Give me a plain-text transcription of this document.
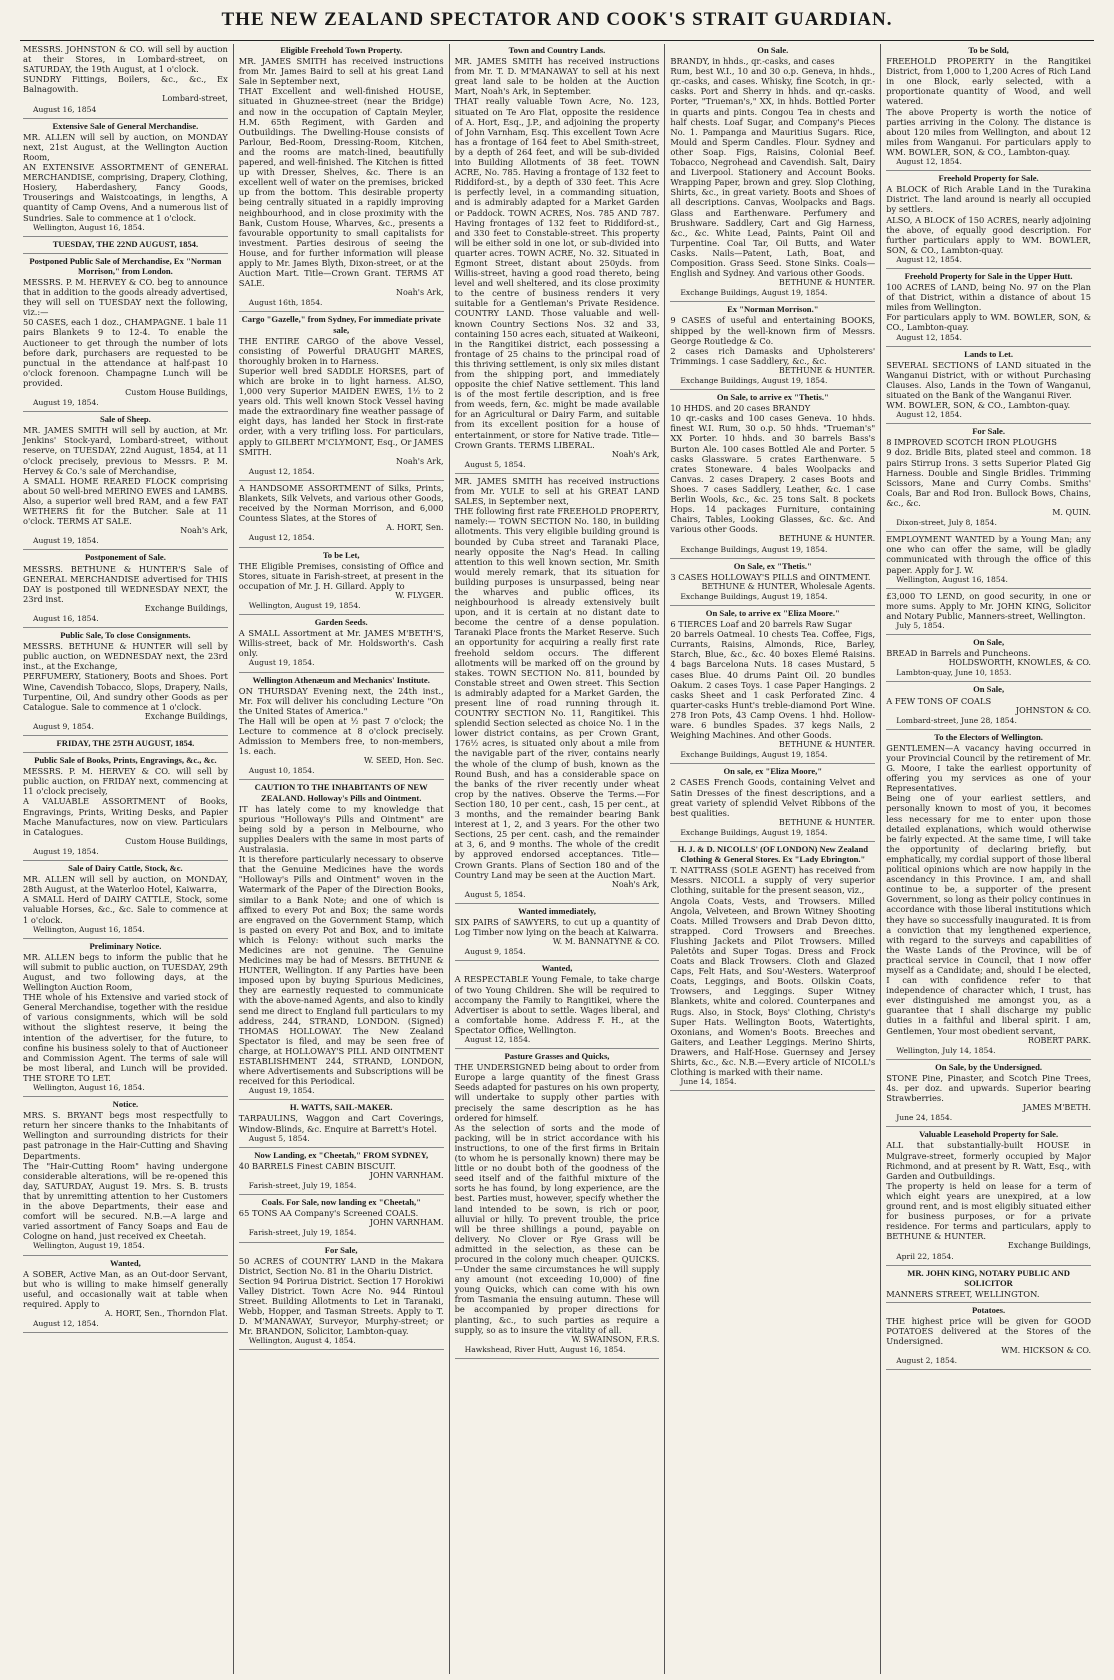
THE NEW ZEALAND SPECTATOR AND COOK'S STRAIT GUARDIAN.
MESSRS. JOHNSTON & CO. will sell by auction at their Stores, in Lombard-street, on SATURDAY, the 19th August, at 1 o'clock.
SUNDRY Fittings, Boilers, &c., &c., Ex Balnagowith.
Lombard-street,
August 16, 1854
Extensive Sale of General Merchandise.
MR. ALLEN will sell by auction, on MONDAY next, 21st August, at the Wellington Auction Room,
AN EXTENSIVE ASSORTMENT of GENERAL MERCHANDISE, comprising, Drapery, Clothing, Hosiery, Haberdashery, Fancy Goods, Trouserings and Waistcoatings, in lengths, A quantity of Camp Ovens, And a numerous list of Sundries. Sale to commence at 1 o'clock.
Wellington, August 16, 1854.
TUESDAY, THE 22ND AUGUST, 1854.
Postponed Public Sale of Merchandise, Ex "Norman Morrison," from London.
MESSRS. P. M. HERVEY & CO. beg to announce that in addition to the goods already advertised, they will sell on TUESDAY next the following, viz.:—
50 CASES, each 1 doz., CHAMPAGNE. 1 bale 11 pairs Blankets 9 to 12-4. To enable the Auctioneer to get through the number of lots before dark, purchasers are requested to be punctual in the attendance at half-past 10 o'clock forenoon. Champagne Lunch will be provided.
Custom House Buildings,
August 19, 1854.
Sale of Sheep.
MR. JAMES SMITH will sell by auction, at Mr. Jenkins' Stock-yard, Lombard-street, without reserve, on TUESDAY, 22nd August, 1854, at 11 o'clock precisely, previous to Messrs. P. M. Hervey & Co.'s sale of Merchandise,
A SMALL HOME REARED FLOCK comprising about 50 well-bred MERINO EWES and LAMBS. Also, a superior well bred RAM, and a few FAT WETHERS fit for the Butcher. Sale at 11 o'clock. TERMS AT SALE.
Noah's Ark,
August 19, 1854.
Postponement of Sale.
MESSRS. BETHUNE & HUNTER'S Sale of GENERAL MERCHANDISE advertised for THIS DAY is postponed till WEDNESDAY NEXT, the 23rd inst.
Exchange Buildings,
August 16, 1854.
Public Sale, To close Consignments.
MESSRS. BETHUNE & HUNTER will sell by public auction, on WEDNESDAY next, the 23rd inst., at the Exchange,
PERFUMERY, Stationery, Boots and Shoes. Port Wine, Cavendish Tobacco, Slops, Drapery, Nails, Turpentine, Oil, And sundry other Goods as per Catalogue. Sale to commence at 1 o'clock.
Exchange Buildings,
August 9, 1854.
FRIDAY, THE 25TH AUGUST, 1854.
Public Sale of Books, Prints, Engravings, &c., &c.
MESSRS. P. M. HERVEY & CO. will sell by public auction, on FRIDAY next, commencing at 11 o'clock precisely,
A VALUABLE ASSORTMENT of Books, Engravings, Prints, Writing Desks, and Papier Mache Manufactures, now on view. Particulars in Catalogues.
Custom House Buildings,
August 19, 1854.
Sale of Dairy Cattle, Stock, &c.
MR. ALLEN will sell by auction, on MONDAY, 28th August, at the Waterloo Hotel, Kaiwarra,
A SMALL Herd of DAIRY CATTLE, Stock, some valuable Horses, &c., &c. Sale to commence at 1 o'clock.
Wellington, August 16, 1854.
Preliminary Notice.
MR. ALLEN begs to inform the public that he will submit to public auction, on TUESDAY, 29th August, and two following days, at the Wellington Auction Room,
THE whole of his Extensive and varied stock of General Merchandise, together with the residue of various consignments, which will be sold without the slightest reserve, it being the intention of the advertiser, for the future, to confine his business solely to that of Auctioneer and Commission Agent. The terms of sale will be most liberal, and Lunch will be provided. THE STORE TO LET.
Wellington, August 16, 1854.
Notice.
MRS. S. BRYANT begs most respectfully to return her sincere thanks to the Inhabitants of Wellington and surrounding districts for their past patronage in the Hair-Cutting and Shaving Departments.
The "Hair-Cutting Room" having undergone considerable alterations, will be re-opened this day, SATURDAY, August 19. Mrs. S. B. trusts that by unremitting attention to her Customers in the above Departments, their ease and comfort will be secured. N.B.—A large and varied assortment of Fancy Soaps and Eau de Cologne on hand, just received ex Cheetah.
Wellington, August 19, 1854.
Wanted,
A SOBER, Active Man, as an Out-door Servant, but who is willing to make himself generally useful, and occasionally wait at table when required. Apply to
A. HORT, Sen., Thorndon Flat.
August 12, 1854.
Eligible Freehold Town Property.
MR. JAMES SMITH has received instructions from Mr. James Baird to sell at his great Land Sale in September next,
THAT Excellent and well-finished HOUSE, situated in Ghuznee-street (near the Bridge) and now in the occupation of Captain Meyler, H.M. 65th Regiment, with Garden and Outbuildings. The Dwelling-House consists of Parlour, Bed-Room, Dressing-Room, Kitchen, and the rooms are match-lined, beautifully papered, and well-finished. The Kitchen is fitted up with Dresser, Shelves, &c. There is an excellent well of water on the premises, bricked up from the bottom. This desirable property being centrally situated in a rapidly improving neighbourhood, and in close proximity with the Bank, Custom House, Wharves, &c., presents a favourable opportunity to small capitalists for investment. Parties desirous of seeing the House, and for further information will please apply to Mr. James Blyth, Dixon-street, or at the Auction Mart. Title—Crown Grant. TERMS AT SALE.
Noah's Ark,
August 16th, 1854.
Cargo "Gazelle," from Sydney, For immediate private sale,
THE ENTIRE CARGO of the above Vessel, consisting of Powerful DRAUGHT MARES, thoroughly broken in to Harness.
Superior well bred SADDLE HORSES, part of which are broke in to light harness. ALSO, 1,000 very Superior MAIDEN EWES, 1½ to 2 years old. This well known Stock Vessel having made the extraordinary fine weather passage of eight days, has landed her Stock in first-rate order, with a very trifling loss. For particulars, apply to GILBERT M'CLYMONT, Esq., Or JAMES SMITH.
Noah's Ark,
August 12, 1854.
A HANDSOME ASSORTMENT of Silks, Prints, Blankets, Silk Velvets, and various other Goods, received by the Norman Morrison, and 6,000 Countess Slates, at the Stores of
A. HORT, Sen.
August 12, 1854.
To be Let,
THE Eligible Premises, consisting of Office and Stores, situate in Farish-street, at present in the occupation of Mr. J. H. Gillard. Apply to
W. FLYGER.
Wellington, August 19, 1854.
Garden Seeds.
A SMALL Assortment at Mr. JAMES M'BETH'S, Willis-street, back of Mr. Holdsworth's. Cash only.
August 19, 1854.
Wellington Athenæum and Mechanics' Institute.
ON THURSDAY Evening next, the 24th inst., Mr. Fox will deliver his concluding Lecture "On the United States of America."
The Hall will be open at ½ past 7 o'clock; the Lecture to commence at 8 o'clock precisely. Admission to Members free, to non-members, 1s. each.
W. SEED, Hon. Sec.
August 10, 1854.
CAUTION TO THE INHABITANTS OF NEW ZEALAND. Holloway's Pills and Ointment.
IT has lately come to my knowledge that spurious "Holloway's Pills and Ointment" are being sold by a person in Melbourne, who supplies Dealers with the same in most parts of Australasia.
It is therefore particularly necessary to observe that the Genuine Medicines have the words "Holloway's Pills and Ointment" woven in the Watermark of the Paper of the Direction Books, similar to a Bank Note; and one of which is affixed to every Pot and Box; the same words are engraved on the Government Stamp, which is pasted on every Pot and Box, and to imitate which is Felony: without such marks the Medicines are not genuine. The Genuine Medicines may be had of Messrs. BETHUNE & HUNTER, Wellington. If any Parties have been imposed upon by buying Spurious Medicines, they are earnestly requested to communicate with the above-named Agents, and also to kindly send me direct to England full particulars to my address, 244, STRAND, LONDON. (Signed) THOMAS HOLLOWAY. The New Zealand Spectator is filed, and may be seen free of charge, at HOLLOWAY'S PILL AND OINTMENT ESTABLISHMENT 244, STRAND, LONDON, where Advertisements and Subscriptions will be received for this Periodical.
August 19, 1854.
H. WATTS, SAIL-MAKER.
TARPAULINS, Waggon and Cart Coverings, Window-Blinds, &c. Enquire at Barrett's Hotel.
August 5, 1854.
Now Landing, ex "Cheetah," FROM SYDNEY,
40 BARRELS Finest CABIN BISCUIT.
JOHN VARNHAM.
Farish-street, July 19, 1854.
Coals. For Sale, now landing ex "Cheetah,"
65 TONS AA Company's Screened COALS.
JOHN VARNHAM.
Farish-street, July 19, 1854.
For Sale,
50 ACRES of COUNTRY LAND in the Makara District, Section No. 81 in the Ohariu District.
Section 94 Porirua District. Section 17 Horokiwi Valley District. Town Acre No. 944 Rintoul Street. Building Allotments to Let in Taranaki, Webb, Hopper, and Tasman Streets. Apply to T. D. M'MANAWAY, Surveyor, Murphy-street; or Mr. BRANDON, Solicitor, Lambton-quay.
Wellington, August 4, 1854.
Town and Country Lands.
MR. JAMES SMITH has received instructions from Mr. T. D. M'MANAWAY to sell at his next great land sale to be holden at the Auction Mart, Noah's Ark, in September.
THAT really valuable Town Acre, No. 123, situated on Te Aro Flat, opposite the residence of A. Hort, Esq., J.P., and adjoining the property of John Varnham, Esq. This excellent Town Acre has a frontage of 164 feet to Abel Smith-street, by a depth of 264 feet, and will be sub-divided into Building Allotments of 38 feet. TOWN ACRE, No. 785. Having a frontage of 132 feet to Riddiford-st., by a depth of 330 feet. This Acre is perfectly level, in a commanding situation, and is admirably adapted for a Market Garden or Paddock. TOWN ACRES, Nos. 785 AND 787. Having frontages of 132 feet to Riddiford-st., and 330 feet to Constable-street. This property will be either sold in one lot, or sub-divided into quarter acres. TOWN ACRE, No. 32. Situated in Egmont Street, distant about 250yds. from Willis-street, having a good road thereto, being level and well sheltered, and its close proximity to the centre of business renders it very suitable for a Gentleman's Private Residence. COUNTRY LAND. Those valuable and well-known Country Sections Nos. 32 and 33, containing 150 acres each, situated at Waikeoni, in the Rangitikei district, each possessing a frontage of 25 chains to the principal road of this thriving settlement, is only six miles distant from the shipping port, and immediately opposite the chief Native settlement. This land is of the most fertile description, and is free from weeds, fern, &c. might be made available for an Agricultural or Dairy Farm, and suitable from its excellent position for a house of entertainment, or store for Native trade. Title—Crown Grants. TERMS LIBERAL.
Noah's Ark,
August 5, 1854.
MR. JAMES SMITH has received instructions from Mr. YULE to sell at his GREAT LAND SALES, in September next,
THE following first rate FREEHOLD PROPERTY, namely:— TOWN SECTION No. 180, in building allotments. This very eligible building ground is bounded by Cuba street and Taranaki Place, nearly opposite the Nag's Head. In calling attention to this well known section, Mr. Smith would merely remark, that its situation for building purposes is unsurpassed, being near the wharves and public offices, its neighbourhood is already extensively built upon, and it is certain at no distant date to become the centre of a dense population. Taranaki Place fronts the Market Reserve. Such an opportunity for acquiring a really first rate freehold seldom occurs. The different allotments will be marked off on the ground by stakes. TOWN SECTION No. 811, bounded by Constable street and Owen street. This Section is admirably adapted for a Market Garden, the present line of road running through it. COUNTRY SECTION No. 11, Rangitikei. This splendid Section selected as choice No. 1 in the lower district contains, as per Crown Grant, 176½ acres, is situated only about a mile from the navigable part of the river, contains nearly the whole of the clump of bush, known as the Round Bush, and has a considerable space on the banks of the river recently under wheat crop by the natives. Observe the Terms.—For Section 180, 10 per cent., cash, 15 per cent., at 3 months, and the remainder bearing Bank interest at 1, 2, and 3 years. For the other two Sections, 25 per cent. cash, and the remainder at 3, 6, and 9 months. The whole of the credit by approved endorsed acceptances. Title—Crown Grants. Plans of Section 180 and of the Country Land may be seen at the Auction Mart.
Noah's Ark,
August 5, 1854.
Wanted immediately,
SIX PAIRS of SAWYERS, to cut up a quantity of Log Timber now lying on the beach at Kaiwarra.
W. M. BANNATYNE & CO.
August 9, 1854.
Wanted,
A RESPECTABLE Young Female, to take charge of two Young Children. She will be required to accompany the Family to Rangitikei, where the Advertiser is about to settle. Wages liberal, and a comfortable home. Address F. H., at the Spectator Office, Wellington.
August 12, 1854.
Pasture Grasses and Quicks,
THE UNDERSIGNED being about to order from Europe a large quantity of the finest Grass Seeds adapted for pastures on his own property, will undertake to supply other parties with precisely the same description as he has ordered for himself.
As the selection of sorts and the mode of packing, will be in strict accordance with his instructions, to one of the first firms in Britain (to whom he is personally known) there may be little or no doubt both of the goodness of the seed itself and of the faithful mixture of the sorts he has found, by long experience, are the best. Parties must, however, specify whether the land intended to be sown, is rich or poor, alluvial or hilly. To prevent trouble, the price will be three shillings a pound, payable on delivery. No Clover or Rye Grass will be admitted in the selection, as these can be procured in the colony much cheaper. QUICKS.—Under the same circumstances he will supply any amount (not exceeding 10,000) of fine young Quicks, which can come with his own from Tasmania the ensuing autumn. These will be accompanied by proper directions for planting, &c., to such parties as require a supply, so as to insure the vitality of all.
W. SWAINSON, F.R.S.
Hawkshead, River Hutt, August 16, 1854.
On Sale.
BRANDY, in hhds., qr.-casks, and cases
Rum, best W.I., 10 and 30 o.p. Geneva, in hhds., qr.-casks, and cases. Whisky, fine Scotch, in qr.-casks. Port and Sherry in hhds. and qr.-casks. Porter, "Trueman's," XX, in hhds. Bottled Porter in quarts and pints. Congou Tea in chests and half chests. Loaf Sugar, and Company's Pieces No. 1. Pampanga and Mauritius Sugars. Rice, Mould and Sperm Candles. Flour. Sydney and other Soap. Figs, Raisins, Colonial Beef. Tobacco, Negrohead and Cavendish. Salt, Dairy and Liverpool. Stationery and Account Books. Wrapping Paper, brown and grey. Slop Clothing, Shirts, &c., in great variety. Boots and Shoes of all descriptions. Canvas, Woolpacks and Bags. Glass and Earthenware. Perfumery and Brushware. Saddlery, Cart and Gig Harness, &c., &c. White Lead, Paints, Paint Oil and Turpentine. Coal Tar, Oil Butts, and Water Casks. Nails—Patent, Lath, Boat, and Composition. Grass Seed. Stone Sinks. Coals—English and Sydney. And various other Goods.
BETHUNE & HUNTER.
Exchange Buildings, August 19, 1854.
Ex "Norman Morrison."
9 CASES of useful and entertaining BOOKS, shipped by the well-known firm of Messrs. George Routledge & Co.
2 cases rich Damasks and Upholsterers' Trimmings. 1 case Saddlery, &c., &c.
BETHUNE & HUNTER.
Exchange Buildings, August 19, 1854.
On Sale, to arrive ex "Thetis."
10 HHDS. and 20 cases BRANDY
10 qr.-casks and 100 cases Geneva. 10 hhds. finest W.I. Rum, 30 o.p. 50 hhds. "Trueman's" XX Porter. 10 hhds. and 30 barrels Bass's Burton Ale. 100 cases Bottled Ale and Porter. 5 casks Glassware. 5 crates Earthenware. 5 crates Stoneware. 4 bales Woolpacks and Canvas. 2 cases Drapery. 2 cases Boots and Shoes. 7 cases Saddlery, Leather, &c. 1 case Berlin Wools, &c., &c. 25 tons Salt. 8 pockets Hops. 14 packages Furniture, containing Chairs, Tables, Looking Glasses, &c. &c. And various other Goods.
BETHUNE & HUNTER.
Exchange Buildings, August 19, 1854.
On Sale, ex "Thetis."
3 CASES HOLLOWAY'S PILLS and OINTMENT.
BETHUNE & HUNTER, Wholesale Agents.
Exchange Buildings, August 19, 1854.
On Sale, to arrive ex "Eliza Moore."
6 TIERCES Loaf and 20 barrels Raw Sugar
20 barrels Oatmeal. 10 chests Tea. Coffee, Figs, Currants, Raisins, Almonds, Rice, Barley, Starch, Blue, &c., &c. 40 boxes Elemé Raisins. 4 bags Barcelona Nuts. 18 cases Mustard, 5 cases Blue. 40 drums Paint Oil. 20 bundles Oakum. 2 cases Toys. 1 case Paper Hangings. 2 casks Sheet and 1 cask Perforated Zinc. 4 quarter-casks Hunt's treble-diamond Port Wine. 278 Iron Pots, 43 Camp Ovens. 1 hhd. Hollow-ware. 6 bundles Spades. 37 kegs Nails, 2 Weighing Machines. And other Goods.
BETHUNE & HUNTER.
Exchange Buildings, August 19, 1854.
On sale, ex "Eliza Moore,"
2 CASES French Goods, containing Velvet and Satin Dresses of the finest descriptions, and a great variety of splendid Velvet Ribbons of the best qualities.
BETHUNE & HUNTER.
Exchange Buildings, August 19, 1854.
H. J. & D. NICOLLS' (OF LONDON) New Zealand Clothing & General Stores. Ex "Lady Ebrington."
T. NATTRASS (SOLE AGENT) has received from Messrs. NICOLL a supply of very superior Clothing, suitable for the present season, viz.,
Angola Coats, Vests, and Trowsers. Milled Angola, Velveteen, and Brown Witney Shooting Coats. Milled Trowsers and Drab Devon ditto, strapped. Cord Trowsers and Breeches. Flushing Jackets and Pilot Trowsers. Milled Paletôts and Super Togas. Dress and Frock Coats and Black Trowsers. Cloth and Glazed Caps, Felt Hats, and Sou'-Westers. Waterproof Coats, Leggings, and Boots. Oilskin Coats, Trowsers, and Leggings. Super Witney Blankets, white and colored. Counterpanes and Rugs. Also, in Stock, Boys' Clothing, Christy's Super Hats. Wellington Boots, Watertights, Oxonians, and Women's Boots. Breeches and Gaiters, and Leather Leggings. Merino Shirts, Drawers, and Half-Hose. Guernsey and Jersey Shirts, &c., &c. N.B.—Every article of NICOLL's Clothing is marked with their name.
June 14, 1854.
To be Sold,
FREEHOLD PROPERTY in the Rangitikei District, from 1,000 to 1,200 Acres of Rich Land in one Block, early selected, with a proportionate quantity of Wood, and well watered.
The above Property is worth the notice of parties arriving in the Colony. The distance is about 120 miles from Wellington, and about 12 miles from Wanganui. For particulars apply to WM. BOWLER, SON, & CO., Lambton-quay.
August 12, 1854.
Freehold Property for Sale.
A BLOCK of Rich Arable Land in the Turakina District. The land around is nearly all occupied by settlers.
ALSO, A BLOCK of 150 ACRES, nearly adjoining the above, of equally good description. For further particulars apply to WM. BOWLER, SON, & CO., Lambton-quay.
August 12, 1854.
Freehold Property for Sale in the Upper Hutt.
100 ACRES of LAND, being No. 97 on the Plan of that District, within a distance of about 15 miles from Wellington.
For particulars apply to WM. BOWLER, SON, & CO., Lambton-quay.
August 12, 1854.
Lands to Let.
SEVERAL SECTIONS of LAND situated in the Wanganui District, with or without Purchasing Clauses. Also, Lands in the Town of Wanganui, situated on the Bank of the Wanganui River.
WM. BOWLER, SON, & CO., Lambton-quay.
August 12, 1854.
For Sale.
8 IMPROVED SCOTCH IRON PLOUGHS
9 doz. Bridle Bits, plated steel and common. 18 pairs Stirrup Irons. 3 setts Superior Plated Gig Harness. Double and Single Bridles. Trimming Scissors, Mane and Curry Combs. Smiths' Coals, Bar and Rod Iron. Bullock Bows, Chains, &c., &c.
M. QUIN.
Dixon-street, July 8, 1854.
EMPLOYMENT WANTED by a Young Man; any one who can offer the same, will be gladly communicated with through the office of this paper. Apply for J. W.
Wellington, August 16, 1854.
£3,000 TO LEND, on good security, in one or more sums. Apply to Mr. JOHN KING, Solicitor and Notary Public, Manners-street, Wellington.
July 5, 1854.
On Sale,
BREAD in Barrels and Puncheons.
HOLDSWORTH, KNOWLES, & CO.
Lambton-quay, June 10, 1853.
On Sale,
A FEW TONS OF COALS
JOHNSTON & CO.
Lombard-street, June 28, 1854.
To the Electors of Wellington.
GENTLEMEN—A vacancy having occurred in your Provincial Council by the retirement of Mr. G. Moore, I take the earliest opportunity of offering you my services as one of your Representatives.
Being one of your earliest settlers, and personally known to most of you, it becomes less necessary for me to enter upon those detailed explanations, which would otherwise be fairly expected. At the same time, I will take the opportunity of declaring briefly, but emphatically, my cordial support of those liberal political opinions which are now happily in the ascendancy in this Province. I am, and shall continue to be, a supporter of the present Government, so long as their policy continues in accordance with those liberal institutions which they have so successfully inaugurated. It is from a conviction that my lengthened experience, with regard to the surveys and capabilities of the Waste Lands of the Province, will be of practical service in Council, that I now offer myself as a Candidate; and, should I be elected, I can with confidence refer to that independence of character which, I trust, has ever distinguished me amongst you, as a guarantee that I shall discharge my public duties in a faithful and liberal spirit. I am, Gentlemen, Your most obedient servant,
ROBERT PARK.
Wellington, July 14, 1854.
On Sale, by the Undersigned.
STONE Pine, Pinaster, and Scotch Pine Trees, 4s. per doz. and upwards. Superior bearing Strawberries.
JAMES M'BETH.
June 24, 1854.
Valuable Leasehold Property for Sale.
ALL that substantially-built HOUSE in Mulgrave-street, formerly occupied by Major Richmond, and at present by R. Watt, Esq., with Garden and Outbuildings.
The property is held on lease for a term of which eight years are unexpired, at a low ground rent, and is most eligibly situated either for business purposes, or for a private residence. For terms and particulars, apply to BETHUNE & HUNTER.
Exchange Buildings,
April 22, 1854.
MR. JOHN KING, NOTARY PUBLIC AND SOLICITOR
MANNERS STREET, WELLINGTON.
Potatoes.
THE highest price will be given for GOOD POTATOES delivered at the Stores of the Undersigned.
WM. HICKSON & CO.
August 2, 1854.
